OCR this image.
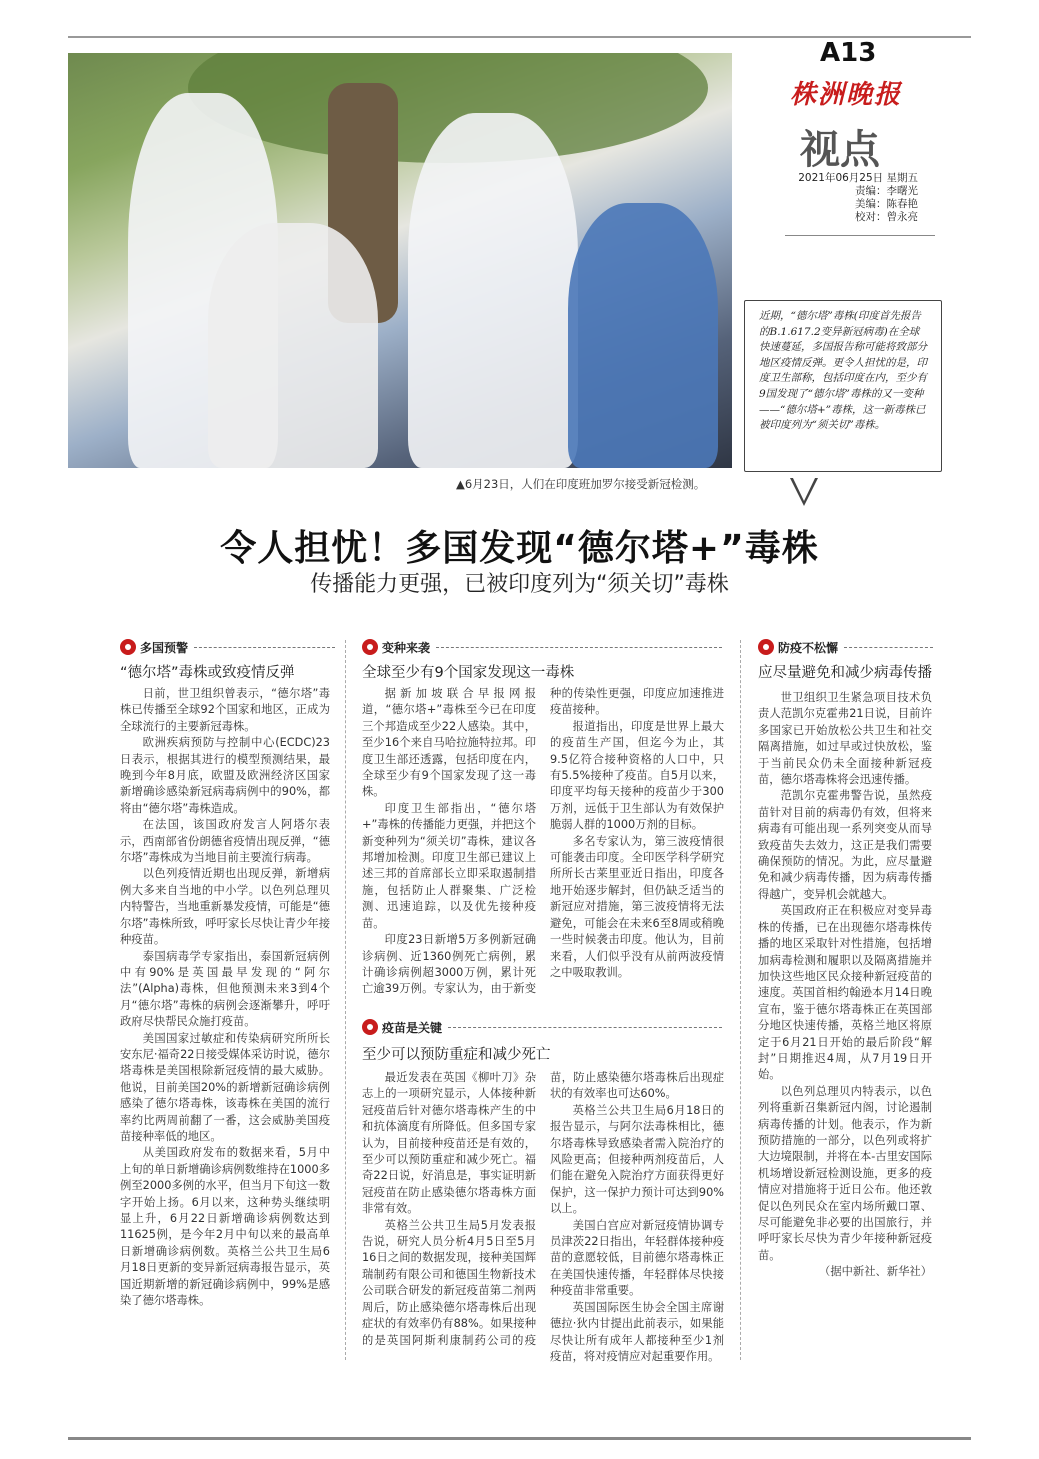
▲6月23日，人们在印度班加罗尔接受新冠检测。
A13
株洲晚报
视点
2021年06月25日 星期五
责编：李曙光
美编：陈春艳
校对：曾永亮
近期，“德尔塔”毒株(印度首先报告的B.1.617.2变异新冠病毒)在全球快速蔓延，多国报告称可能将致部分地区疫情反弹。更令人担忧的是，印度卫生部称，包括印度在内，至少有9国发现了“德尔塔”毒株的又一变种——“德尔塔+”毒株，这一新毒株已被印度列为“须关切”毒株。
令人担忧！多国发现“德尔塔+”毒株
传播能力更强，已被印度列为“须关切”毒株
多国预警
“德尔塔”毒株或致疫情反弹

日前，世卫组织曾表示，“德尔塔”毒株已传播至全球92个国家和地区，正成为全球流行的主要新冠毒株。

欧洲疾病预防与控制中心(ECDC)23日表示，根据其进行的模型预测结果，最晚到今年8月底，欧盟及欧洲经济区国家新增确诊感染新冠病毒病例中的90%，都将由“德尔塔”毒株造成。

在法国，该国政府发言人阿塔尔表示，西南部省份朗德省疫情出现反弹，“德尔塔”毒株成为当地目前主要流行病毒。

以色列疫情近期也出现反弹，新增病例大多来自当地的中小学。以色列总理贝内特警告，当地重新暴发疫情，可能是“德尔塔”毒株所致，呼吁家长尽快让青少年接种疫苗。

泰国病毒学专家指出，泰国新冠病例中有90%是英国最早发现的“阿尔法”(Alpha)毒株，但他预测未来3到4个月“德尔塔”毒株的病例会逐渐攀升，呼吁政府尽快帮民众施打疫苗。

美国国家过敏症和传染病研究所所长安东尼·福奇22日接受媒体采访时说，德尔塔毒株是美国根除新冠疫情的最大威胁。他说，目前美国20%的新增新冠确诊病例感染了德尔塔毒株，该毒株在美国的流行率约比两周前翻了一番，这会威胁美国疫苗接种率低的地区。

从美国政府发布的数据来看，5月中上旬的单日新增确诊病例数维持在1000多例至2000多例的水平，但当月下旬这一数字开始上扬。6月以来，这种势头继续明显上升，6月22日新增确诊病例数达到11625例，是今年2月中旬以来的最高单日新增确诊病例数。英格兰公共卫生局6月18日更新的变异新冠病毒报告显示，英国近期新增的新冠确诊病例中，99%是感染了德尔塔毒株。

变种来袭
全球至少有9个国家发现这一毒株

据新加坡联合早报网报道，“德尔塔+”毒株至今已在印度三个邦造成至少22人感染。其中，至少16个来自马哈拉施特拉邦。印度卫生部还透露，包括印度在内，全球至少有9个国家发现了这一毒株。

印度卫生部指出，“德尔塔+”毒株的传播能力更强，并把这个新变种列为“须关切”毒株，建议各邦增加检测。印度卫生部已建议上述三邦的首席部长立即采取遏制措施，包括防止人群聚集、广泛检测、迅速追踪，以及优先接种疫苗。

印度23日新增5万多例新冠确诊病例、近1360例死亡病例，累计确诊病例超3000万例，累计死亡逾39万例。专家认为，由于新变种的传染性更强，印度应加速推进疫苗接种。

报道指出，印度是世界上最大的疫苗生产国，但迄今为止，其9.5亿符合接种资格的人口中，只有5.5%接种了疫苗。自5月以来，印度平均每天接种的疫苗少于300万剂，远低于卫生部认为有效保护脆弱人群的1000万剂的目标。

多名专家认为，第三波疫情很可能袭击印度。全印医学科学研究所所长古莱里亚近日指出，印度各地开始逐步解封，但仍缺乏适当的新冠应对措施，第三波疫情将无法避免，可能会在未来6至8周或稍晚一些时候袭击印度。他认为，目前来看，人们似乎没有从前两波疫情之中吸取教训。

疫苗是关键
至少可以预防重症和减少死亡

最近发表在英国《柳叶刀》杂志上的一项研究显示，人体接种新冠疫苗后针对德尔塔毒株产生的中和抗体滴度有所降低。但多国专家认为，目前接种疫苗还是有效的，至少可以预防重症和减少死亡。福奇22日说，好消息是，事实证明新冠疫苗在防止感染德尔塔毒株方面非常有效。

英格兰公共卫生局5月发表报告说，研究人员分析4月5日至5月16日之间的数据发现，接种美国辉瑞制药有限公司和德国生物新技术公司联合研发的新冠疫苗第二剂两周后，防止感染德尔塔毒株后出现症状的有效率仍有88%。如果接种的是英国阿斯利康制药公司的疫苗，防止感染德尔塔毒株后出现症状的有效率也可达60%。

英格兰公共卫生局6月18日的报告显示，与阿尔法毒株相比，德尔塔毒株导致感染者需入院治疗的风险更高；但接种两剂疫苗后，人们能在避免入院治疗方面获得更好保护，这一保护力预计可达到90%以上。

美国白宫应对新冠疫情协调专员津茨22日指出，年轻群体接种疫苗的意愿较低，目前德尔塔毒株正在美国快速传播，年轻群体尽快接种疫苗非常重要。

英国国际医生协会全国主席谢德拉·狄内甘提出此前表示，如果能尽快让所有成年人都接种至少1剂疫苗，将对疫情应对起重要作用。

防疫不松懈
应尽量避免和减少病毒传播

世卫组织卫生紧急项目技术负责人范凯尔克霍弗21日说，目前许多国家已开始放松公共卫生和社交隔离措施，如过早或过快放松，鉴于当前民众仍未全面接种新冠疫苗，德尔塔毒株将会迅速传播。

范凯尔克霍弗警告说，虽然疫苗针对目前的病毒仍有效，但将来病毒有可能出现一系列突变从而导致疫苗失去效力，这正是我们需要确保预防的情况。为此，应尽量避免和减少病毒传播，因为病毒传播得越广，变异机会就越大。

英国政府正在积极应对变异毒株的传播，已在出现德尔塔毒株传播的地区采取针对性措施，包括增加病毒检测和履职以及隔离措施并加快这些地区民众接种新冠疫苗的速度。英国首相约翰逊本月14日晚宣布，鉴于德尔塔毒株正在英国部分地区快速传播，英格兰地区将原定于6月21日开始的最后阶段“解封”日期推迟4周，从7月19日开始。

以色列总理贝内特表示，以色列将重新召集新冠内阁，讨论遏制病毒传播的计划。他表示，作为新预防措施的一部分，以色列或将扩大边境限制，并将在本-古里安国际机场增设新冠检测设施，更多的疫情应对措施将于近日公布。他还敦促以色列民众在室内场所戴口罩、尽可能避免非必要的出国旅行，并呼吁家长尽快为青少年接种新冠疫苗。

（据中新社、新华社）
